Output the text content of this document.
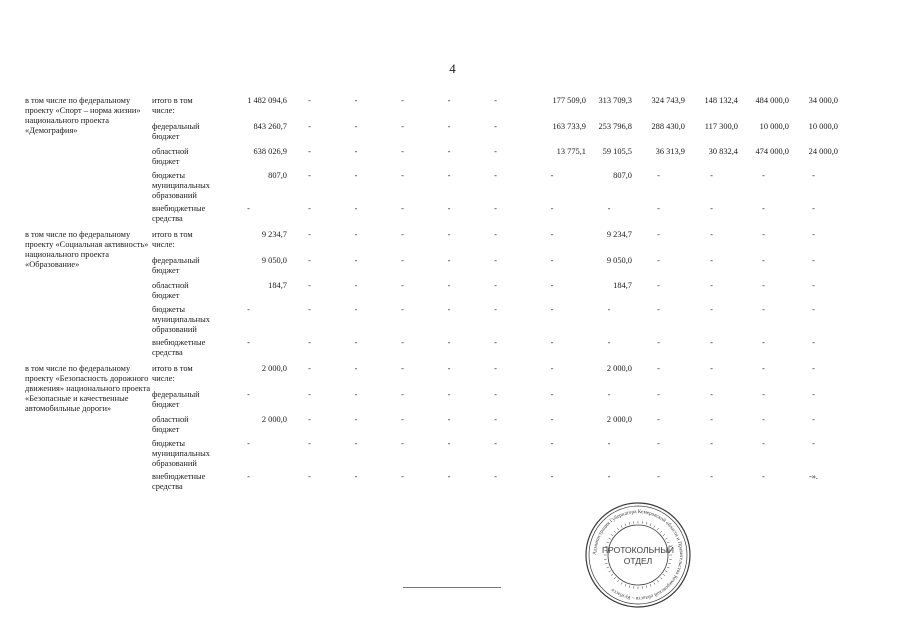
4
в том числе по федеральному проекту «Спорт – норма жизни» национального проекта «Демография»	итого в том числе:	1 482 094,6	-	-	-	-	-	177 509,0	313 709,3	324 743,9	148 132,4	484 000,0	34 000,0
	федеральный бюджет	843 260,7	-	-	-	-	-	163 733,9	253 796,8	288 430,0	117 300,0	10 000,0	10 000,0
	областной бюджет	638 026,9	-	-	-	-	-	13 775,1	59 105,5	36 313,9	30 832,4	474 000,0	24 000,0
	бюджеты муниципальных образований	807,0	-	-	-	-	-	-	807,0	-	-	-	-
	внебюджетные средства	-	-	-	-	-	-	-	-	-	-	-	-
в том числе по федеральному проекту «Социальная активность» национального проекта «Образование»	итого в том числе:	9 234,7	-	-	-	-	-	-	9 234,7	-	-	-	-
	федеральный бюджет	9 050,0	-	-	-	-	-	-	9 050,0	-	-	-	-
	областной бюджет	184,7	-	-	-	-	-	-	184,7	-	-	-	-
	бюджеты муниципальных образований	-	-	-	-	-	-	-	-	-	-	-	-
	внебюджетные средства	-	-	-	-	-	-	-	-	-	-	-	-
в том числе по федеральному проекту «Безопасность дорожного движения» национального проекта «Безопасные и качественные автомобильные дороги»	итого в том числе:	2 000,0	-	-	-	-	-	-	2 000,0	-	-	-	-
	федеральный бюджет	-	-	-	-	-	-	-	-	-	-	-	-
	областной бюджет	2 000,0	-	-	-	-	-	-	2 000,0	-	-	-	-
	бюджеты муниципальных образований	-	-	-	-	-	-	-	-	-	-	-	-
	внебюджетные средства	-	-	-	-	-	-	-	-	-	-	-	-».
Администрация Губернатора Кемеровской области и Правительства Кемеровской области – Кузбасса
ПРОТОКОЛЬНЫЙ
ОТДЕЛ
